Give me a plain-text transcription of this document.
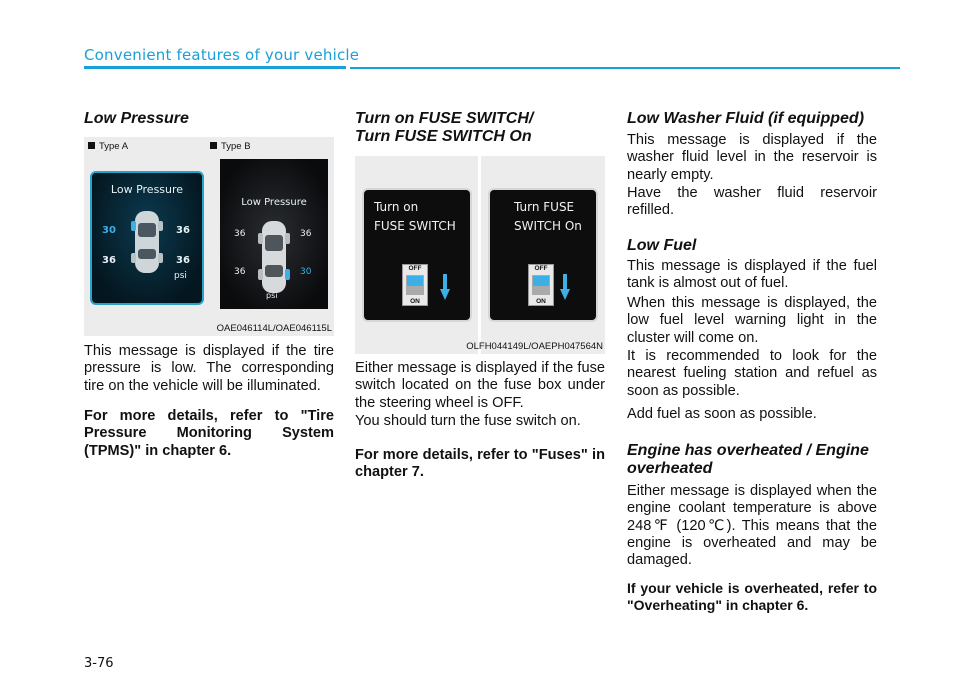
Convenient features of your vehicle
Low Pressure
Type A	Type B
Low Pressure
30	36
36	36
psi
Low Pressure
36	36
36	30
psi
OAE046114L/OAE046115L

This message is displayed if the tire pressure is low. The corresponding tire on the vehicle will be illuminated.

For more details, refer to "Tire Pressure Monitoring System (TPMS)" in chapter 6.

Turn on FUSE SWITCH/
Turn FUSE SWITCH On
Turn on
FUSE SWITCH
OFF
ON
Turn FUSE
SWITCH On
OFF
ON
OLFH044149L/OAEPH047564N

Either message is displayed if the fuse switch located on the fuse box under the steering wheel is OFF.

You should turn the fuse switch on.

For more details, refer to "Fuses" in chapter 7.

Low Washer Fluid (if equipped)

This message is displayed if the washer fluid level in the reservoir is nearly empty.

Have the washer fluid reservoir refilled.

Low Fuel

This message is displayed if the fuel tank is almost out of fuel.

When this message is displayed, the low fuel level warning light in the cluster will come on.

It is recommended to look for the nearest fueling station and refuel as soon as possible.

Add fuel as soon as possible.

Engine has overheated / Engine
overheated

Either message is displayed when the engine coolant temperature is above 248℉ (120℃). This means that the engine is overheated and may be damaged.

If your vehicle is overheated, refer to "Overheating" in chapter 6.

3-76
